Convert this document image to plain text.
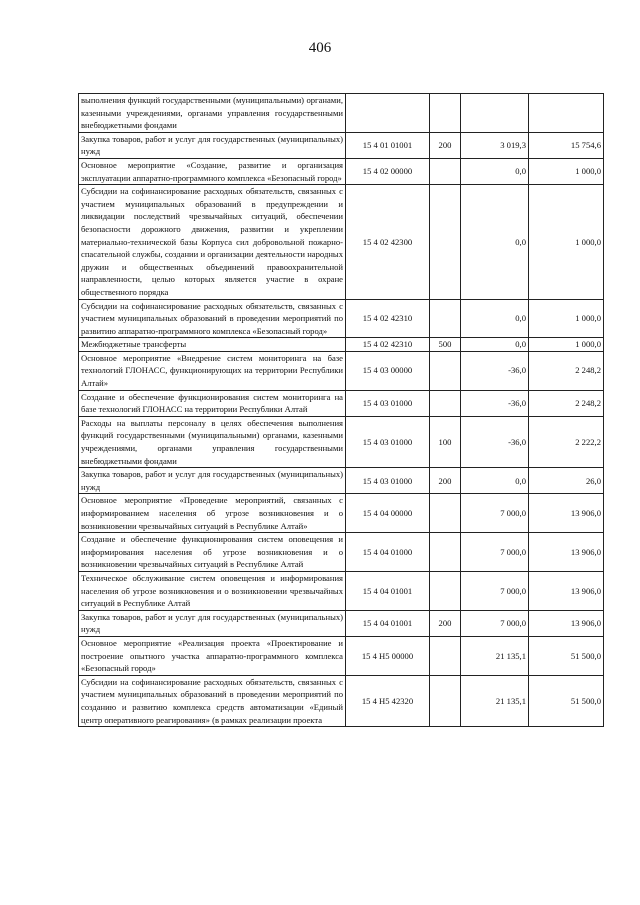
406
выполнения функций государственными (муниципальными) органами, казенными учреждениями, органами управления государственными внебюджетными фондами				
Закупка товаров, работ и услуг для государственных (муниципальных) нужд	15 4 01 01001	200	3 019,3	15 754,6
Основное мероприятие «Создание, развитие и организация эксплуатации аппаратно-программного комплекса «Безопасный город»	15 4 02 00000		0,0	1 000,0
Субсидии на софинансирование расходных обязательств, связанных с участием муниципальных образований в предупреждении и ликвидации последствий чрезвычайных ситуаций, обеспечении безопасности дорожного движения, развитии и укреплении материально-технической базы Корпуса сил добровольной пожарно-спасательной службы, создании и организации деятельности народных дружин и общественных объединений правоохранительной направленности, целью которых является участие в охране общественного порядка	15 4 02 42300		0,0	1 000,0
Субсидии на софинансирование расходных обязательств, связанных с участием муниципальных образований в проведении мероприятий по развитию аппаратно-программного комплекса «Безопасный город»	15 4 02 42310		0,0	1 000,0
Межбюджетные трансферты	15 4 02 42310	500	0,0	1 000,0
Основное мероприятие «Внедрение систем мониторинга на базе технологий ГЛОНАСС, функционирующих на территории Республики Алтай»	15 4 03 00000		-36,0	2 248,2
Создание и обеспечение функционирования систем мониторинга на базе технологий ГЛОНАСС на территории Республики Алтай	15 4 03 01000		-36,0	2 248,2
Расходы на выплаты персоналу в целях обеспечения выполнения функций государственными (муниципальными) органами, казенными учреждениями, органами управления государственными внебюджетными фондами	15 4 03 01000	100	-36,0	2 222,2
Закупка товаров, работ и услуг для государственных (муниципальных) нужд	15 4 03 01000	200	0,0	26,0
Основное мероприятие «Проведение мероприятий, связанных с информированием населения об угрозе возникновения и о возникновении чрезвычайных ситуаций в Республике Алтай»	15 4 04 00000		7 000,0	13 906,0
Создание и обеспечение функционирования систем оповещения и информирования населения об угрозе возникновения и о возникновении чрезвычайных ситуаций в Республике Алтай	15 4 04 01000		7 000,0	13 906,0
Техническое обслуживание систем оповещения и информирования населения об угрозе возникновения и о возникновении чрезвычайных ситуаций в Республике Алтай	15 4 04 01001		7 000,0	13 906,0
Закупка товаров, работ и услуг для государственных (муниципальных) нужд	15 4 04 01001	200	7 000,0	13 906,0
Основное мероприятие «Реализация проекта «Проектирование и построение опытного участка аппаратно-программного комплекса «Безопасный город»	15 4 H5 00000		21 135,1	51 500,0
Субсидии на софинансирование расходных обязательств, связанных с участием муниципальных образований в проведении мероприятий по созданию и развитию комплекса средств автоматизации «Единый центр оперативного реагирования» (в рамках реализации проекта	15 4 H5 42320		21 135,1	51 500,0
